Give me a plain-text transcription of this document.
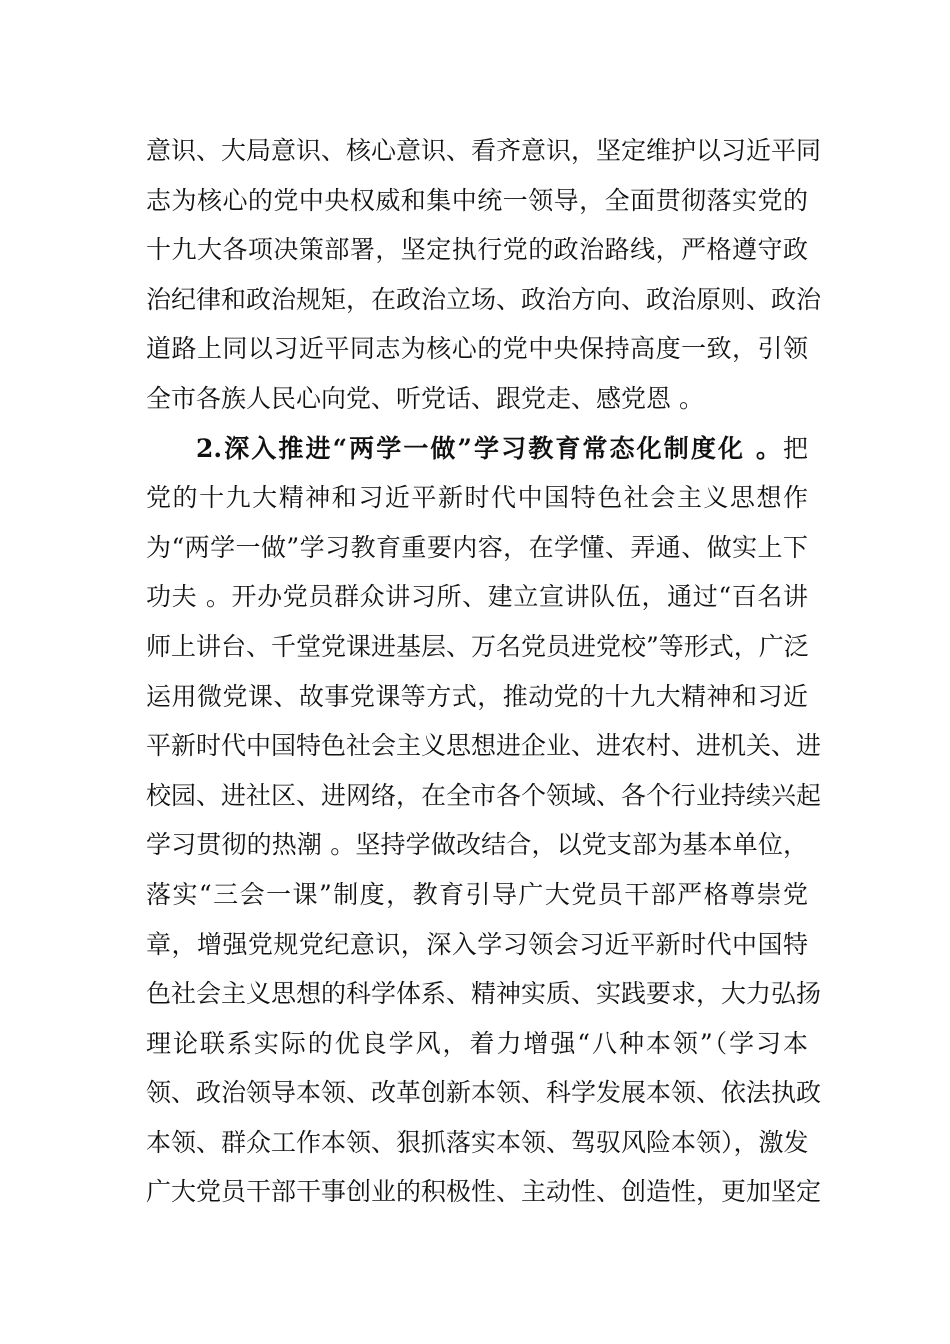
意识、大局意识、核心意识、看齐意识，坚定维护以习近平同
志为核心的党中央权威和集中统一领导，全面贯彻落实党的
十九大各项决策部署，坚定执行党的政治路线，严格遵守政
治纪律和政治规矩，在政治立场、政治方向、政治原则、政治
道路上同以习近平同志为核心的党中央保持高度一致，引领
全市各族人民心向党、听党话、跟党走、感党恩 。
2.深入推进“两学一做”学习教育常态化制度化 。把
党的十九大精神和习近平新时代中国特色社会主义思想作
为“两学一做”学习教育重要内容，在学懂、弄通、做实上下
功夫 。开办党员群众讲习所、建立宣讲队伍，通过“百名讲
师上讲台、千堂党课进基层、万名党员进党校”等形式，广泛
运用微党课、故事党课等方式，推动党的十九大精神和习近
平新时代中国特色社会主义思想进企业、进农村、进机关、进
校园、进社区、进网络，在全市各个领域、各个行业持续兴起
学习贯彻的热潮 。坚持学做改结合，以党支部为基本单位，
落实“三会一课”制度，教育引导广大党员干部严格尊崇党
章，增强党规党纪意识，深入学习领会习近平新时代中国特
色社会主义思想的科学体系、精神实质、实践要求，大力弘扬
理论联系实际的优良学风，着力增强“八种本领”（学习本
领、政治领导本领、改革创新本领、科学发展本领、依法执政
本领、群众工作本领、狠抓落实本领、驾驭风险本领），激发
广大党员干部干事创业的积极性、主动性、创造性，更加坚定
